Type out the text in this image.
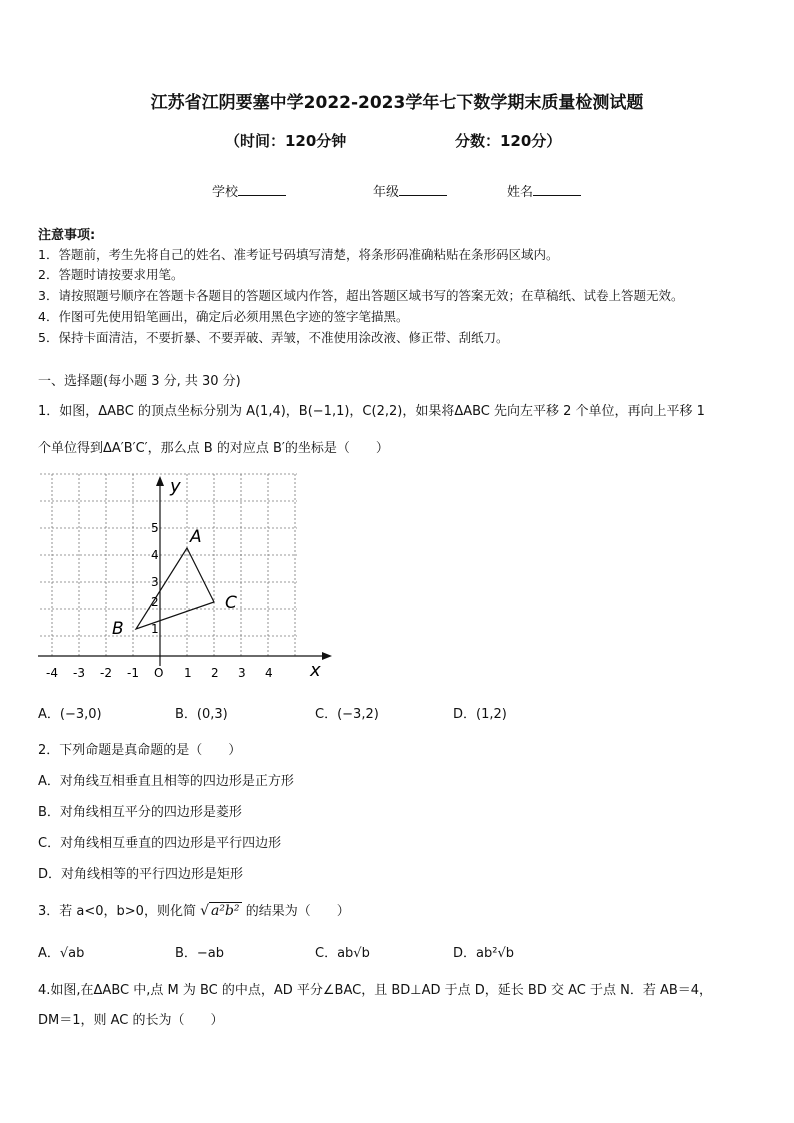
江苏省江阴要塞中学2022-2023学年七下数学期末质量检测试题
（时间：120分钟	分数：120分）
学校	年级	姓名
注意事项:
1．答题前，考生先将自己的姓名、准考证号码填写清楚，将条形码准确粘贴在条形码区域内。
2．答题时请按要求用笔。
3．请按照题号顺序在答题卡各题目的答题区域内作答，超出答题区域书写的答案无效；在草稿纸、试卷上答题无效。
4．作图可先使用铅笔画出，确定后必须用黑色字迹的签字笔描黑。
5．保持卡面清洁，不要折暴、不要弄破、弄皱，不准使用涂改液、修正带、刮纸刀。
一、选择题(每小题 3 分, 共 30 分)
1．如图，ΔABC 的顶点坐标分别为 A(1,4)，B(−1,1)，C(2,2)，如果将ΔABC 先向左平移 2 个单位，再向上平移 1
个单位得到ΔA′B′C′，那么点 B 的对应点 B′的坐标是（　　）
y
x
O
A
B
C
-4 -3 -2 -1	1 2 3 4
1
2
3
4
5
A．(−3,0)	B．(0,3)	C．(−3,2)	D．(1,2)
2．下列命题是真命题的是（　　）
A．对角线互相垂直且相等的四边形是正方形
B．对角线相互平分的四边形是菱形
C．对角线相互垂直的四边形是平行四边形
D．对角线相等的平行四边形是矩形
3．若 a<0，b>0，则化简 √ a²b² 的结果为（　　）
A．√ab	B．−ab	C．ab√b	D．ab²√b
4.如图,在ΔABC 中,点 M 为 BC 的中点，AD 平分∠BAC，且 BD⊥AD 于点 D，延长 BD 交 AC 于点 N．若 AB＝4，
DM＝1，则 AC 的长为（　　）
